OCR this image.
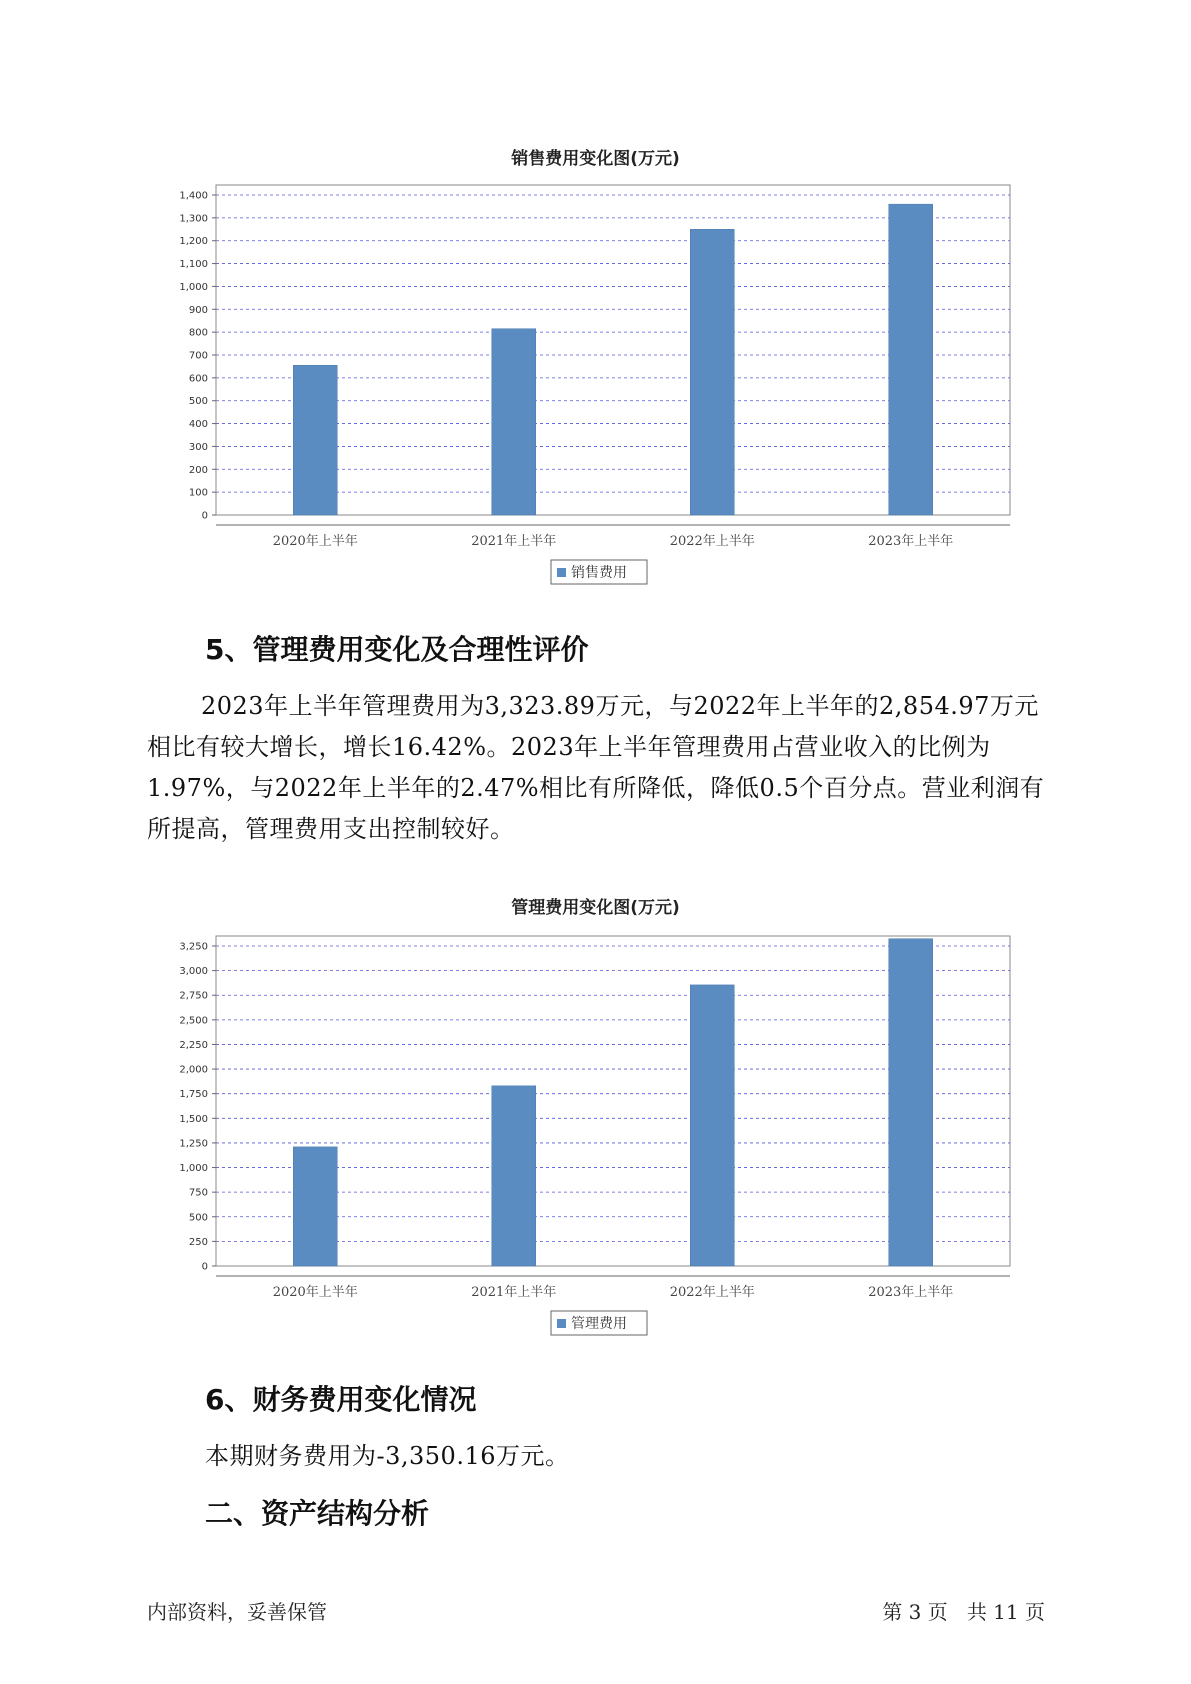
销售费用变化图(万元)
0
100
200
300
400
500
600
700
800
900
1,000
1,100
1,200
1,300
1,400
2020年上半年	2021年上半年	2022年上半年	2023年上半年
销售费用
5、管理费用变化及合理性评价
2023年上半年管理费用为3,323.89万元，与2022年上半年的2,854.97万元相比有较大增长，增长16.42%。2023年上半年管理费用占营业收入的比例为1.97%，与2022年上半年的2.47%相比有所降低，降低0.5个百分点。营业利润有所提高，管理费用支出控制较好。
管理费用变化图(万元)
0
250
500
750
1,000
1,250
1,500
1,750
2,000
2,250
2,500
2,750
3,000
3,250
2020年上半年	2021年上半年	2022年上半年	2023年上半年
管理费用
6、财务费用变化情况
本期财务费用为-3,350.16万元。
二、资产结构分析
内部资料，妥善保管	第 3 页   共 11 页
